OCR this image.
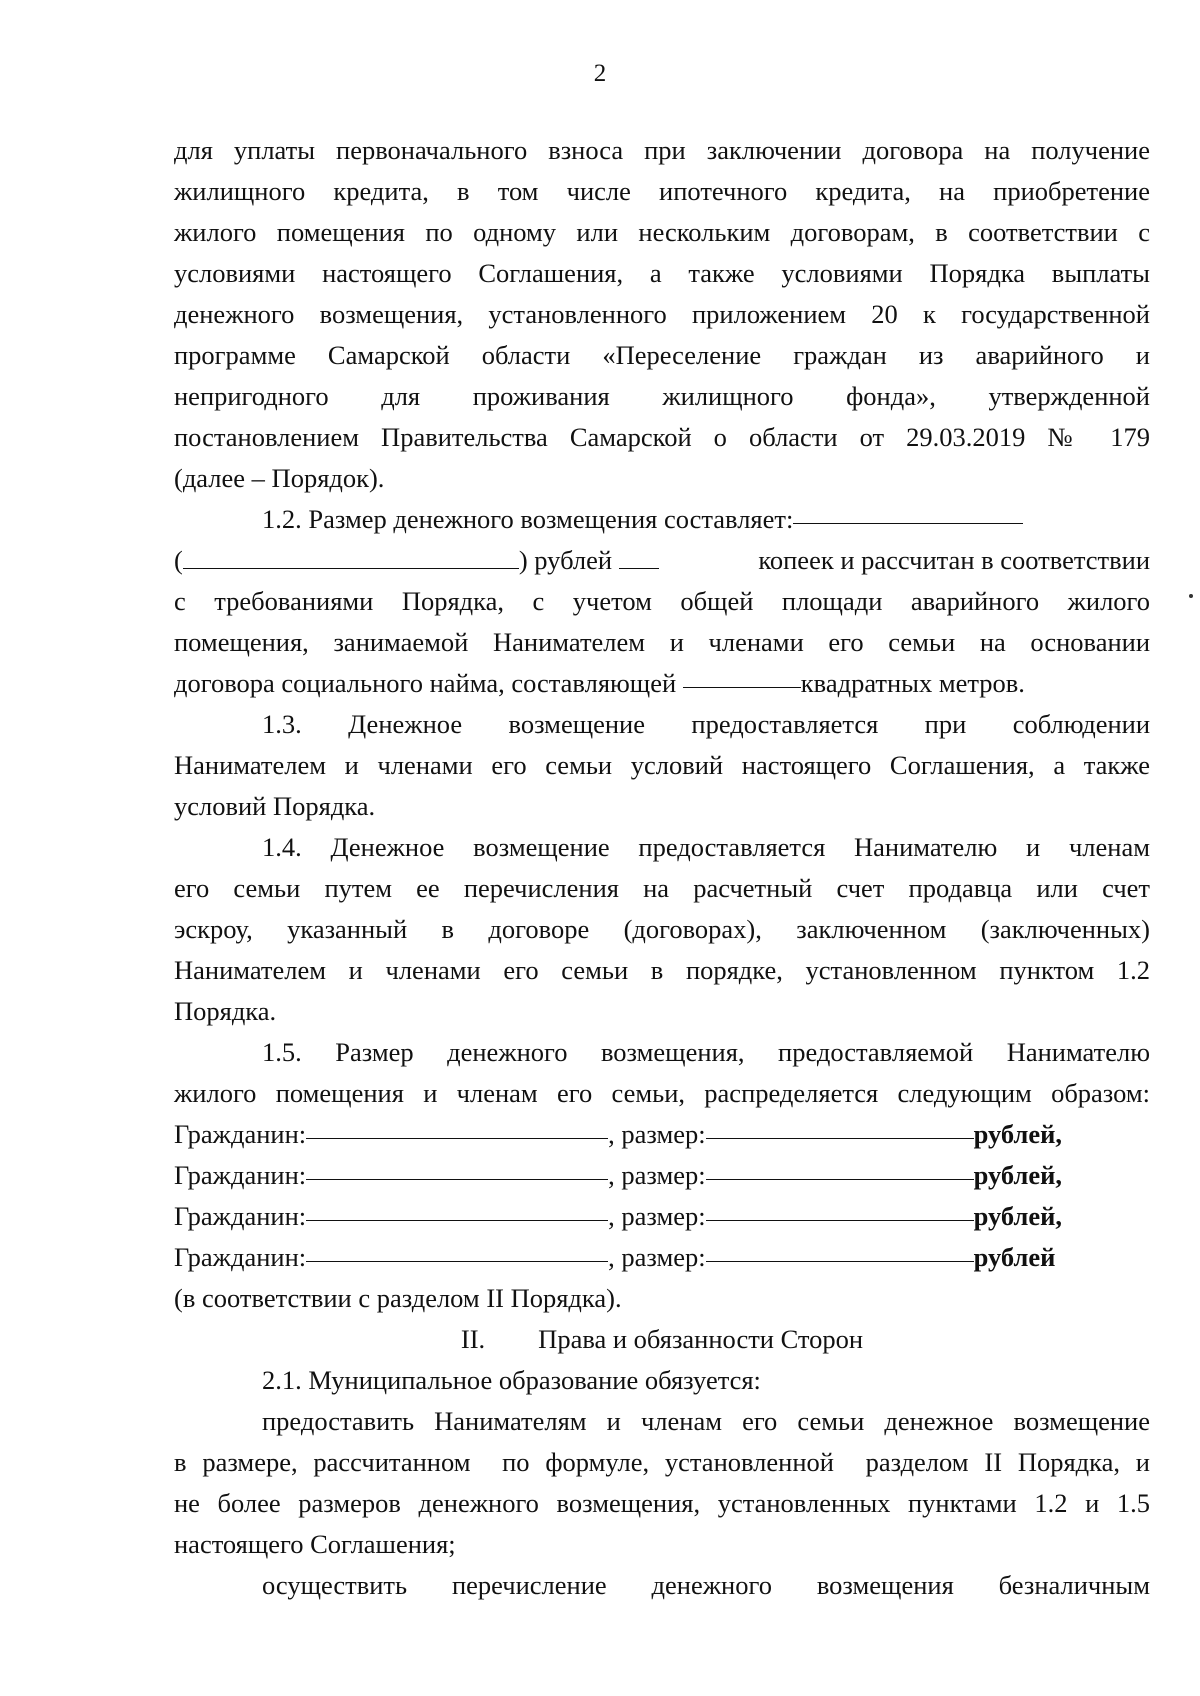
2
для уплаты первоначального взноса при заключении договора на получение
жилищного кредита, в том числе ипотечного кредита, на приобретение
жилого помещения по одному или нескольким договорам, в соответствии с
условиями настоящего Соглашения, а также условиями Порядка выплаты
денежного возмещения, установленного приложением 20 к государственной
программе Самарской области «Переселение граждан из аварийного и
непригодного для проживания жилищного фонда», утвержденной
постановлением Правительства Самарской о области от 29.03.2019 № 179
(далее – Порядок).
1.2. Размер денежного возмещения составляет:
(	) рублей	копеек и рассчитан в соответствии
с требованиями Порядка, с учетом общей площади аварийного жилого
помещения, занимаемой Нанимателем и членами его семьи на основании
договора социального найма, составляющей
	квадратных метров.
1.3. Денежное возмещение предоставляется при соблюдении
Нанимателем и членами его семьи условий настоящего Соглашения, а также
условий Порядка.
1.4. Денежное возмещение предоставляется Нанимателю и членам
его семьи путем ее перечисления на расчетный счет продавца или счет
эскроу, указанный в договоре (договорах), заключенном (заключенных)
Нанимателем и членами его семьи в порядке, установленном пунктом 1.2
Порядка.
1.5. Размер денежного возмещения, предоставляемой Нанимателю
жилого помещения и членам его семьи, распределяется следующим образом:
Гражданин:	, размер:	рублей,
Гражданин:	, размер:	рублей,
Гражданин:	, размер:	рублей,
Гражданин:	, размер:	рублей
(в соответствии с разделом II Порядка).
II.        Права и обязанности Сторон
2.1. Муниципальное образование обязуется:
предоставить Нанимателям и членам его семьи денежное возмещение
в размере, рассчитанном  по формуле, установленной  разделом II Порядка, и
не более размеров денежного возмещения, установленных пунктами 1.2 и 1.5
настоящего Соглашения;
осуществить перечисление денежного возмещения безналичным
